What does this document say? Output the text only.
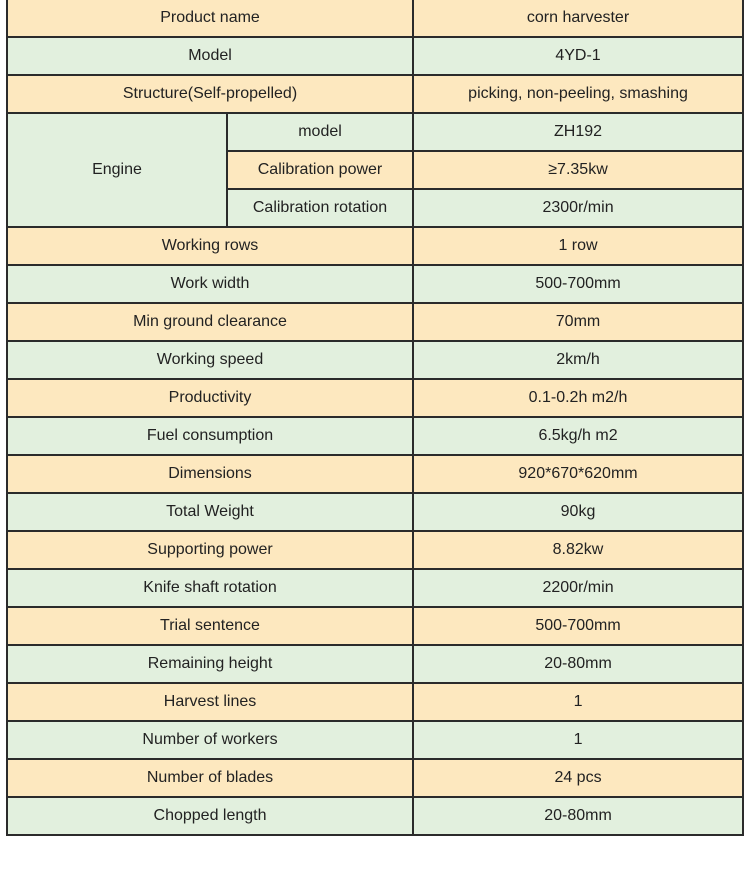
Product name		corn harvester
Model		4YD-1
Structure(Self-propelled)		picking, non-peeling, smashing
Engine	model	ZH192
	Calibration power	≥7.35kw
	Calibration rotation	2300r/min
Working rows		1 row
Work width		500-700mm
Min ground clearance		70mm
Working speed		2km/h
Productivity		0.1-0.2h m2/h
Fuel consumption		6.5kg/h m2
Dimensions		920*670*620mm
Total Weight		90kg
Supporting power		8.82kw
Knife shaft rotation		2200r/min
Trial sentence		500-700mm
Remaining height		20-80mm
Harvest lines		1
Number of workers		1
Number of blades		24 pcs
Chopped length		20-80mm
